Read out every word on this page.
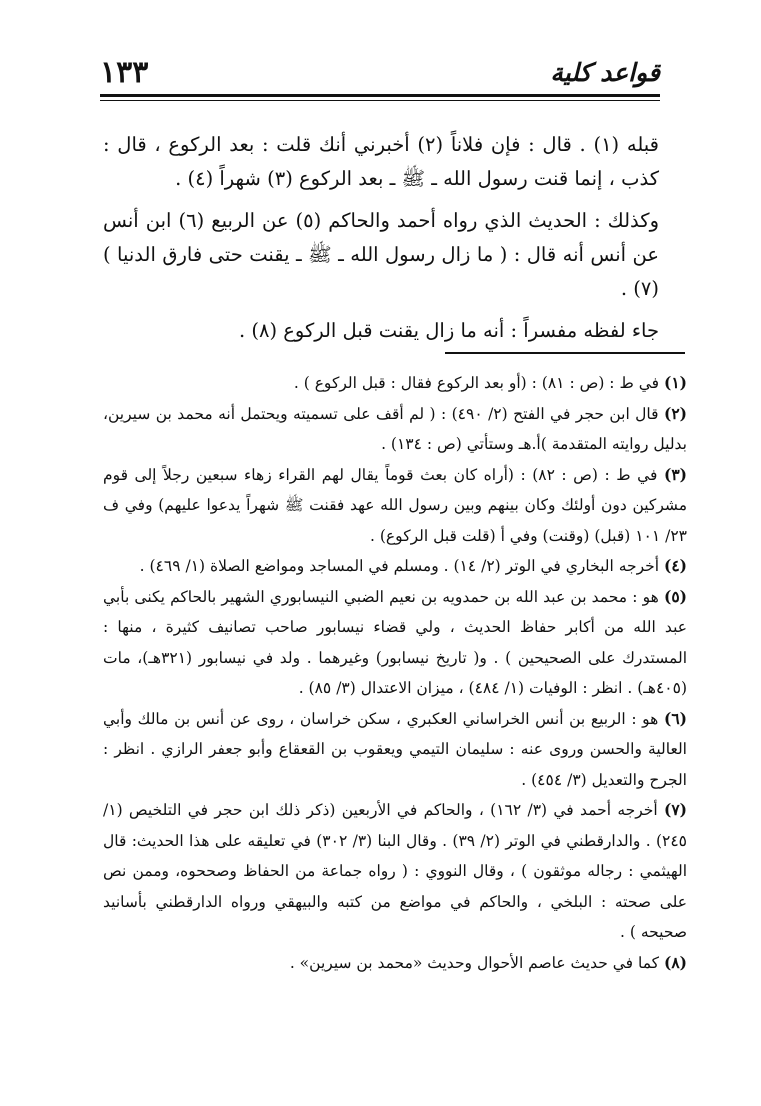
١٣٣	قواعد كلية

قبله (١) . قال : فإن فلاناً (٢) أخبرني أنك قلت : بعد الركوع ، قال : كذب ، إنما قنت رسول الله ـ ﷺ ـ بعد الركوع (٣) شهراً (٤) .

وكذلك : الحديث الذي رواه أحمد والحاكم (٥) عن الربيع (٦) ابن أنس عن أنس أنه قال : ( ما زال رسول الله ـ ﷺ ـ يقنت حتى فارق الدنيا ) (٧) .

جاء لفظه مفسراً : أنه ما زال يقنت قبل الركوع (٨) .

(١) في ط : (ص : ٨١) : (أو بعد الركوع فقال : قبل الركوع ) .

(٢) قال ابن حجر في الفتح (٢/ ٤٩٠) : ( لم أقف على تسميته ويحتمل أنه محمد بن سيرين، بدليل روايته المتقدمة )أ.هـ وستأتي (ص : ١٣٤) .

(٣) في ط : (ص : ٨٢) : (أراه كان بعث قوماً يقال لهم القراء زهاء سبعين رجلاً إلى قوم مشركين دون أولئك وكان بينهم وبين رسول الله عهد فقنت ﷺ شهراً يدعوا عليهم) وفي ف ٢٣/ ١٠١ (قبل) (وقنت) وفي أ (قلت قبل الركوع) .

(٤) أخرجه البخاري في الوتر (٢/ ١٤) . ومسلم في المساجد ومواضع الصلاة (١/ ٤٦٩) .

(٥) هو : محمد بن عبد الله بن حمدويه بن نعيم الضبي النيسابوري الشهير بالحاكم يكنى بأبي عبد الله من أكابر حفاظ الحديث ، ولي قضاء نيسابور صاحب تصانيف كثيرة ، منها : المستدرك على الصحيحين ) . و( تاريخ نيسابور) وغيرهما . ولد في نيسابور (٣٢١هـ)، مات (٤٠٥هـ) . انظر : الوفيات (١/ ٤٨٤) ، ميزان الاعتدال (٣/ ٨٥) .

(٦) هو : الربيع بن أنس الخراساني العكبري ، سكن خراسان ، روى عن أنس بن مالك وأبي العالية والحسن وروى عنه : سليمان التيمي ويعقوب بن القعقاع وأبو جعفر الرازي . انظر : الجرح والتعديل (٣/ ٤٥٤) .

(٧) أخرجه أحمد في (٣/ ١٦٢) ، والحاكم في الأربعين (ذكر ذلك ابن حجر في التلخيص (١/ ٢٤٥) . والدارقطني في الوتر (٢/ ٣٩) . وقال البنا (٣/ ٣٠٢) في تعليقه على هذا الحديث: قال الهيثمي : رجاله موثقون ) ، وقال النووي : ( رواه جماعة من الحفاظ وصححوه، وممن نص على صحته : البلخي ، والحاكم في مواضع من كتبه والبيهقي ورواه الدارقطني بأسانيد صحيحه ) .

(٨) كما في حديث عاصم الأحوال وحديث «محمد بن سيرين» .
